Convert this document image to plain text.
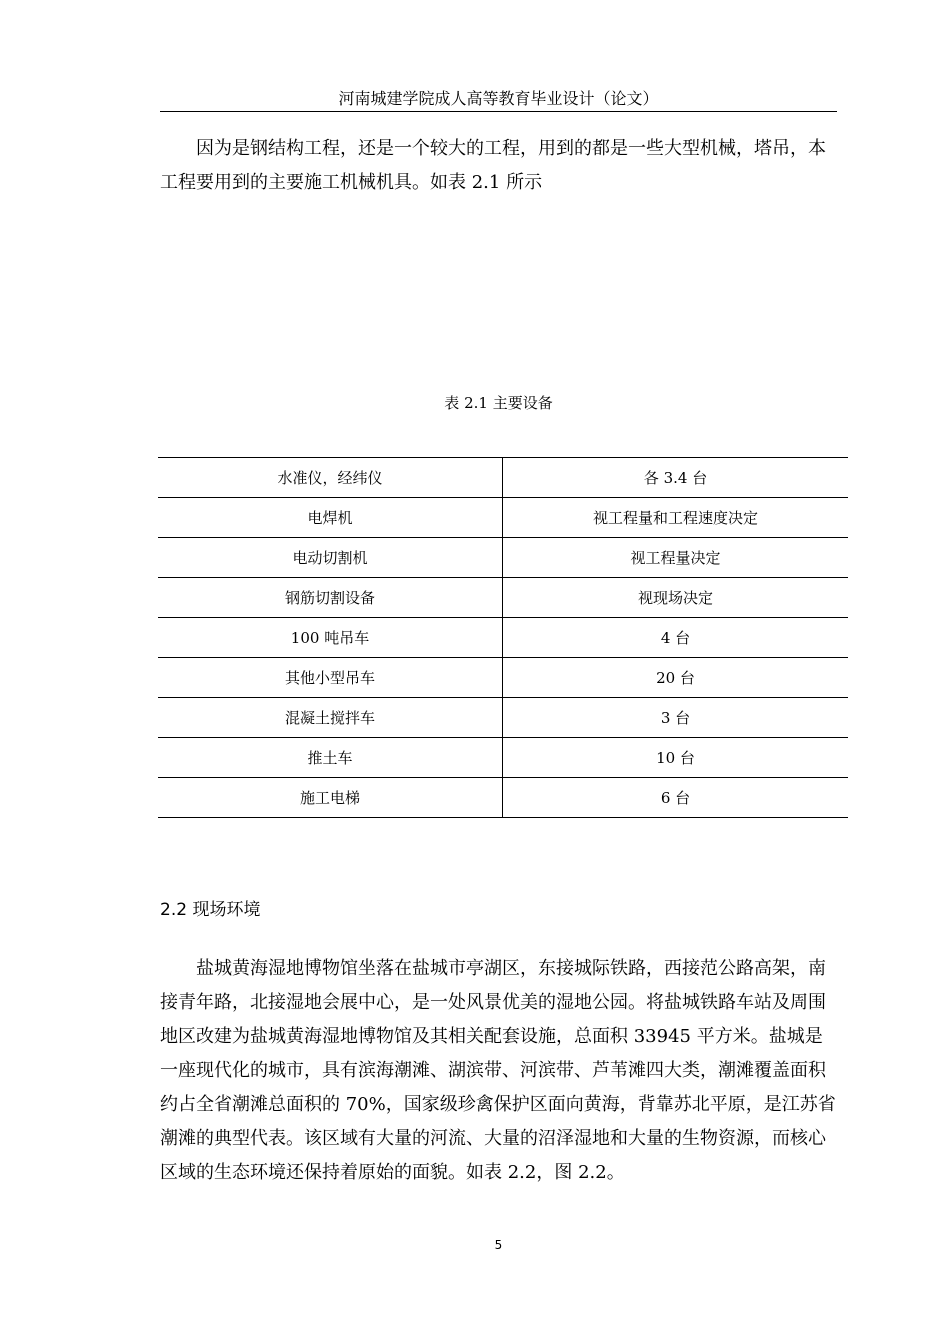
河南城建学院成人高等教育毕业设计（论文）

因为是钢结构工程，还是一个较大的工程，用到的都是一些大型机械，塔吊，本工程要用到的主要施工机械机具。如表 2.1 所示

表 2.1 主要设备
水准仪，经纬仪	各 3.4 台
电焊机	视工程量和工程速度决定
电动切割机	视工程量决定
钢筋切割设备	视现场决定
100 吨吊车	4 台
其他小型吊车	20 台
混凝土搅拌车	3 台
推土车	10 台
施工电梯	6 台
2.2 现场环境

盐城黄海湿地博物馆坐落在盐城市亭湖区，东接城际铁路，西接范公路高架，南接青年路，北接湿地会展中心，是一处风景优美的湿地公园。将盐城铁路车站及周围地区改建为盐城黄海湿地博物馆及其相关配套设施，总面积 33945 平方米。盐城是一座现代化的城市，具有滨海潮滩、湖滨带、河滨带、芦苇滩四大类，潮滩覆盖面积约占全省潮滩总面积的 70%，国家级珍禽保护区面向黄海，背靠苏北平原，是江苏省潮滩的典型代表。该区域有大量的河流、大量的沼泽湿地和大量的生物资源，而核心区域的生态环境还保持着原始的面貌。如表 2.2，图 2.2。

5
